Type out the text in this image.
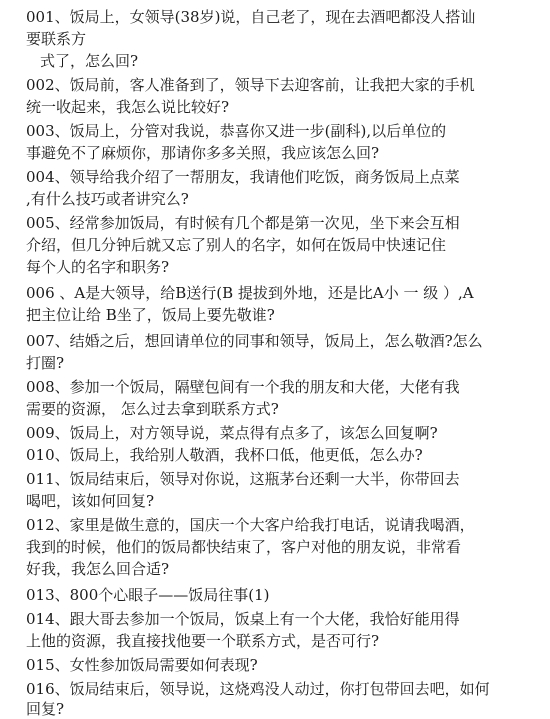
001、饭局上，女领导(38岁)说，自己老了，现在去酒吧都没人搭讪
要联系方
式了，怎么回?
002、饭局前，客人准备到了，领导下去迎客前，让我把大家的手机
统一收起来，我怎么说比较好?
003、饭局上，分管对我说，恭喜你又进一步(副科),以后单位的
事避免不了麻烦你，那请你多多关照，我应该怎么回?
004、领导给我介绍了一帮朋友，我请他们吃饭，商务饭局上点菜
,有什么技巧或者讲究么?
005、经常参加饭局，有时候有几个都是第一次见，坐下来会互相
介绍，但几分钟后就又忘了别人的名字，如何在饭局中快速记住
每个人的名字和职务?
006 、A是大领导，给B送行(B 提拔到外地，还是比A小 一 级 ）,A
把主位让给 B坐了，饭局上要先敬谁?
007、结婚之后，想回请单位的同事和领导，饭局上，怎么敬酒?怎么
打圈?
008、参加一个饭局，隔壁包间有一个我的朋友和大佬，大佬有我
需要的资源， 怎么过去拿到联系方式?
009、饭局上，对方领导说，菜点得有点多了，该怎么回复啊?
010、饭局上，我给别人敬酒，我杯口低，他更低，怎么办?
011、饭局结束后，领导对你说，这瓶茅台还剩一大半，你带回去
喝吧，该如何回复?
012、家里是做生意的，国庆一个大客户给我打电话，说请我喝酒，
我到的时候，他们的饭局都快结束了，客户对他的朋友说，非常看
好我，我怎么回合适?
013、800个心眼子——饭局往事(1)
014、跟大哥去参加一个饭局，饭桌上有一个大佬，我恰好能用得
上他的资源，我直接找他要一个联系方式，是否可行?
015、女性参加饭局需要如何表现?
016、饭局结束后，领导说，这烧鸡没人动过，你打包带回去吧，如何
回复?
